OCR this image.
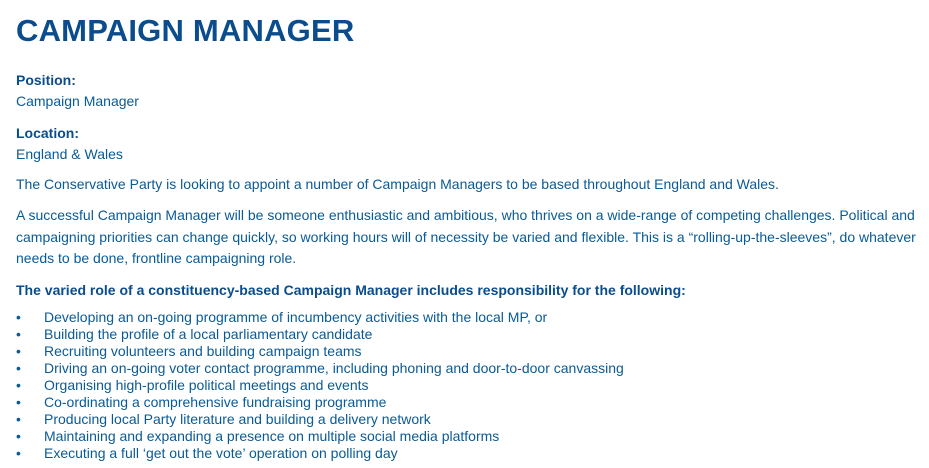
CAMPAIGN MANAGER
Position:
Campaign Manager
Location:
England & Wales

The Conservative Party is looking to appoint a number of Campaign Managers to be based throughout England and Wales.

A successful Campaign Manager will be someone enthusiastic and ambitious, who thrives on a wide-range of competing challenges. Political and campaigning priorities can change quickly, so working hours will of necessity be varied and flexible. This is a “rolling-up-the-sleeves”, do whatever needs to be done, frontline campaigning role.

The varied role of a constituency-based Campaign Manager includes responsibility for the following:
•	Developing an on-going programme of incumbency activities with the local MP, or
•	Building the profile of a local parliamentary candidate
•	Recruiting volunteers and building campaign teams
•	Driving an on-going voter contact programme, including phoning and door-to-door canvassing
•	Organising high-profile political meetings and events
•	Co-ordinating a comprehensive fundraising programme
•	Producing local Party literature and building a delivery network
•	Maintaining and expanding a presence on multiple social media platforms
•	Executing a full ‘get out the vote’ operation on polling day
